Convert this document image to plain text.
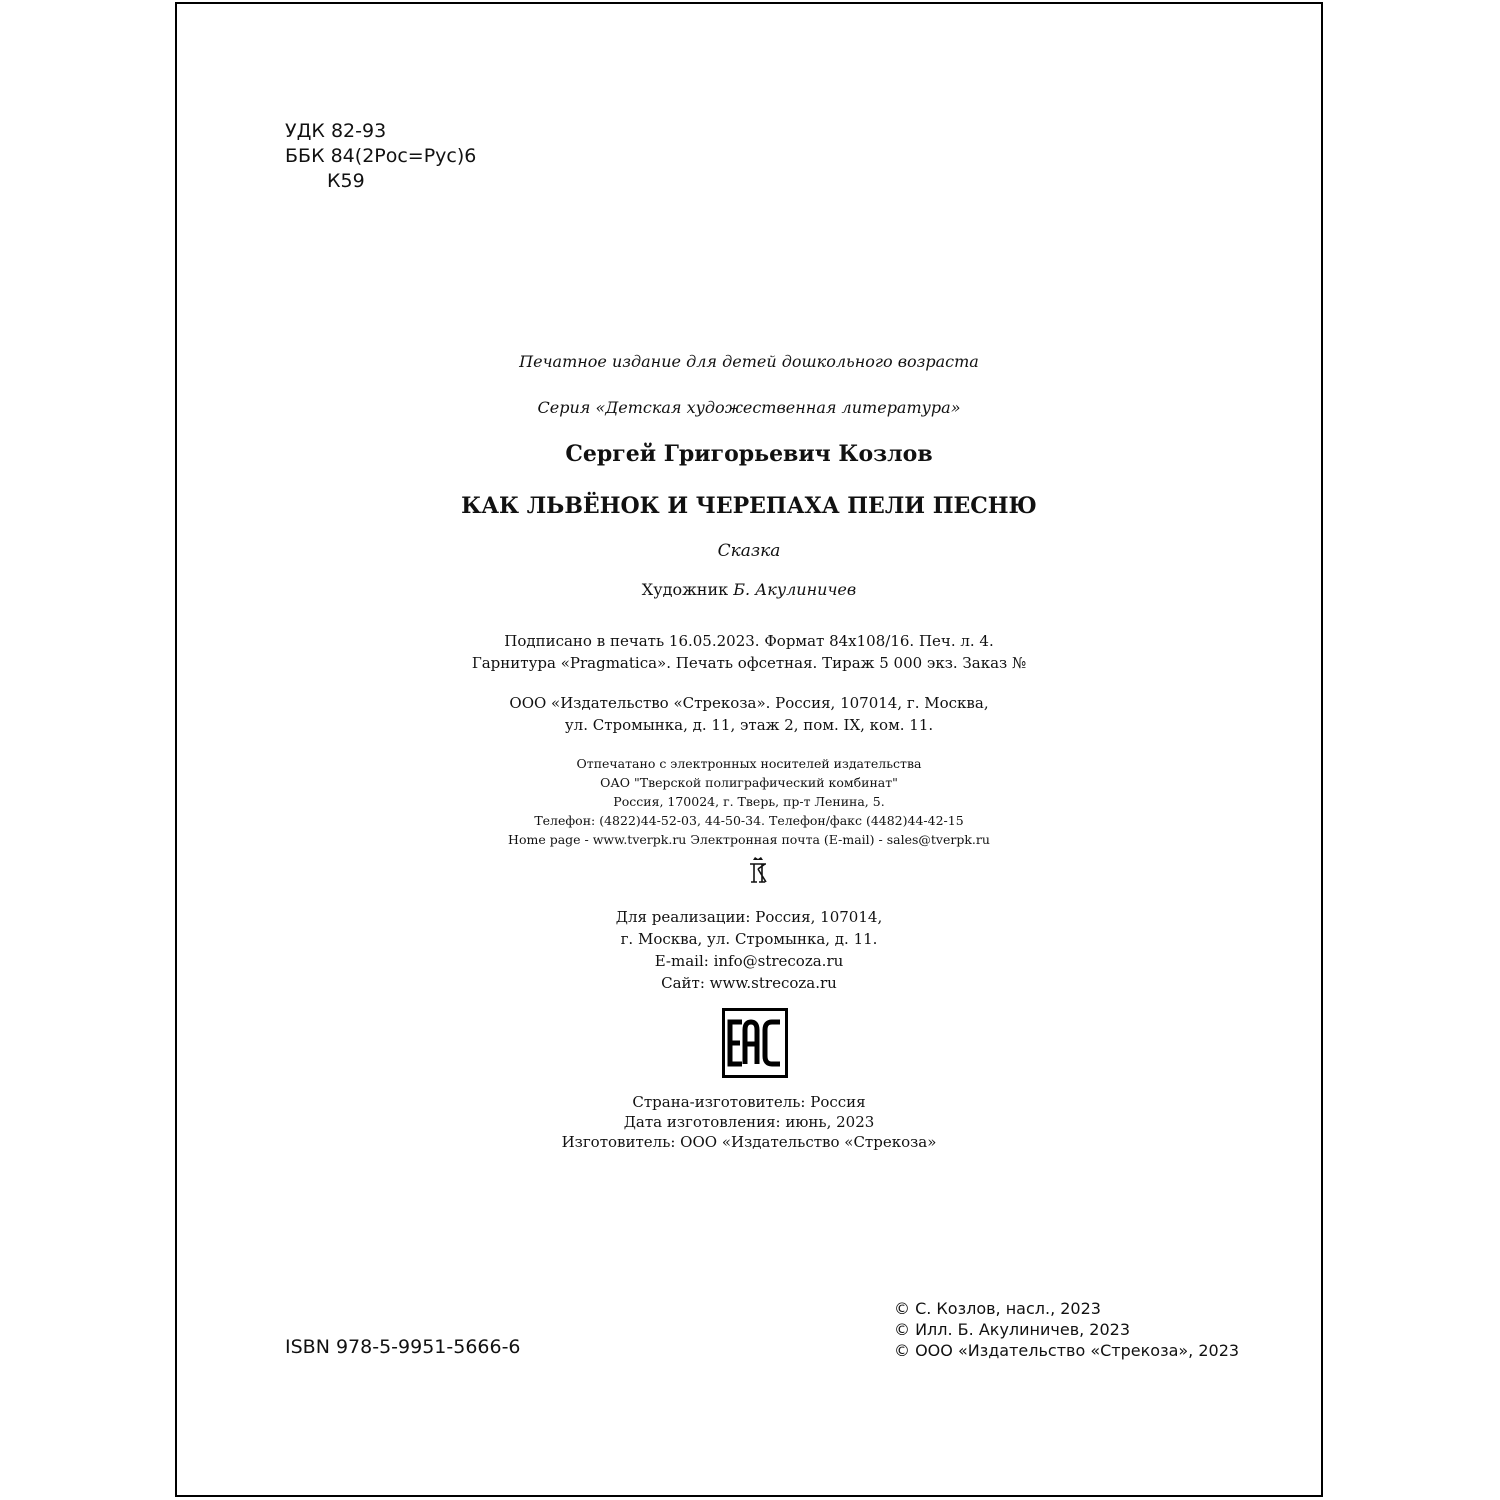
УДК 82-93
ББК 84(2Рос=Рус)6
К59
Печатное издание для детей дошкольного возраста
Серия «Детская художественная литература»
Сергей Григорьевич Козлов
КАК ЛЬВЁНОК И ЧЕРЕПАХА ПЕЛИ ПЕСНЮ
Сказка
Художник Б. Акулиничев
Подписано в печать 16.05.2023. Формат 84x108/16. Печ. л. 4.
Гарнитура «Pragmatica». Печать офсетная. Тираж 5 000 экз. Заказ №
ООО «Издательство «Стрекоза». Россия, 107014, г. Москва,
ул. Стромынка, д. 11, этаж 2, пом. IX, ком. 11.
Отпечатано с электронных носителей издательства
ОАО "Тверской полиграфический комбинат"
Россия, 170024, г. Тверь, пр-т Ленина, 5.
Телефон: (4822)44-52-03, 44-50-34. Телефон/факс (4482)44-42-15
Home page - www.tverpk.ru Электронная почта (E-mail) - sales@tverpk.ru
Для реализации: Россия, 107014,
г. Москва, ул. Стромынка, д. 11.
E-mail: info@strecoza.ru
Сайт: www.strecoza.ru
Страна-изготовитель: Россия
Дата изготовления: июнь, 2023
Изготовитель: ООО «Издательство «Стрекоза»
ISBN 978-5-9951-5666-6
© С. Козлов, насл., 2023
© Илл. Б. Акулиничев, 2023
© ООО «Издательство «Стрекоза», 2023
